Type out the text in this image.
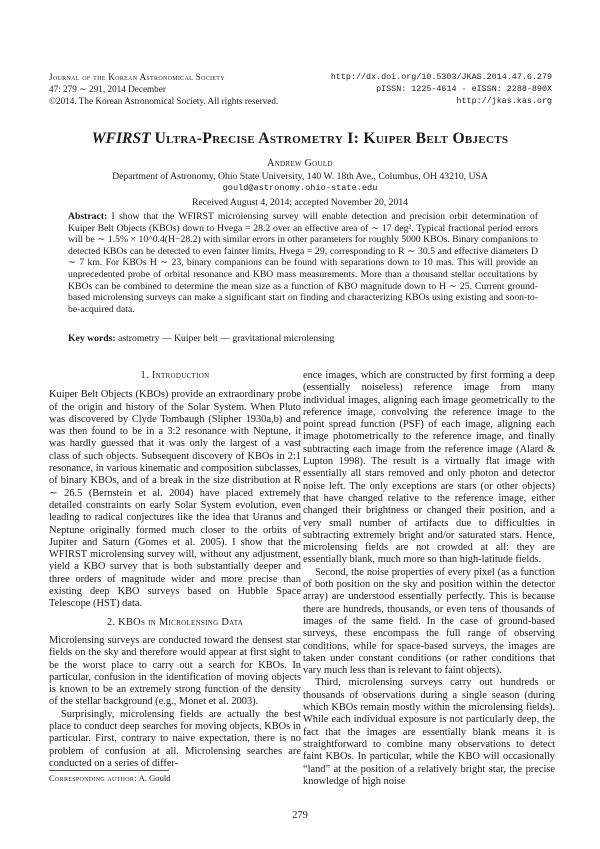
Journal of the Korean Astronomical Society
47: 279 ∼ 291, 2014 December
©2014. The Korean Astronomical Society. All rights reserved.
http://dx.doi.org/10.5303/JKAS.2014.47.6.279
pISSN: 1225-4614 · eISSN: 2288-890X
http://jkas.kas.org
WFIRST Ultra-Precise Astrometry I: Kuiper Belt Objects
Andrew Gould
Department of Astronomy, Ohio State University, 140 W. 18th Ave., Columbus, OH 43210, USA
gould@astronomy.ohio-state.edu
Received August 4, 2014; accepted November 20, 2014
Abstract: I show that the WFIRST microlensing survey will enable detection and precision orbit determination of Kuiper Belt Objects (KBOs) down to Hvega = 28.2 over an effective area of ∼ 17 deg². Typical fractional period errors will be ∼ 1.5% × 10^0.4(H−28.2) with similar errors in other parameters for roughly 5000 KBOs. Binary companions to detected KBOs can be detected to even fainter limits, Hvega = 29, corresponding to R ∼ 30.5 and effective diameters D ∼ 7 km. For KBOs H ∼ 23, binary companions can be found with separations down to 10 mas. This will provide an unprecedented probe of orbital resonance and KBO mass measurements. More than a thousand stellar occultations by KBOs can be combined to determine the mean size as a function of KBO magnitude down to H ∼ 25. Current ground-based microlensing surveys can make a significant start on finding and characterizing KBOs using existing and soon-to-be-acquired data.
Key words: astrometry — Kuiper belt — gravitational microlensing
1. Introduction

Kuiper Belt Objects (KBOs) provide an extraordinary probe of the origin and history of the Solar System. When Pluto was discovered by Clyde Tombaugh (Slipher 1930a,b) and was then found to be in a 3:2 resonance with Neptune, it was hardly guessed that it was only the largest of a vast class of such objects. Subsequent discovery of KBOs in 2:1 resonance, in various kinematic and composition subclasses, of binary KBOs, and of a break in the size distribution at R ∼ 26.5 (Bernstein et al. 2004) have placed extremely detailed constraints on early Solar System evolution, even leading to radical conjectures like the idea that Uranus and Neptune originally formed much closer to the orbits of Jupiter and Saturn (Gomes et al. 2005). I show that the WFIRST microlensing survey will, without any adjustment, yield a KBO survey that is both substantially deeper and three orders of magnitude wider and more precise than existing deep KBO surveys based on Hubble Space Telescope (HST) data.

2. KBOs in Microlensing Data

Microlensing surveys are conducted toward the densest star fields on the sky and therefore would appear at first sight to be the worst place to carry out a search for KBOs. In particular, confusion in the identification of moving objects is known to be an extremely strong function of the density of the stellar background (e.g., Monet et al. 2003).

Surprisingly, microlensing fields are actually the best place to conduct deep searches for moving objects, KBOs in particular. First, contrary to naive expectation, there is no problem of confusion at all. Microlensing searches are conducted on a series of differ-

ence images, which are constructed by first forming a deep (essentially noiseless) reference image from many individual images, aligning each image geometrically to the reference image, convolving the reference image to the point spread function (PSF) of each image, aligning each image photometrically to the reference image, and finally subtracting each image from the reference image (Alard & Lupton 1998). The result is a virtually flat image with essentially all stars removed and only photon and detector noise left. The only exceptions are stars (or other objects) that have changed relative to the reference image, either changed their brightness or changed their position, and a very small number of artifacts due to difficulties in subtracting extremely bright and/or saturated stars. Hence, microlensing fields are not crowded at all: they are essentially blank, much more so than high-latitude fields.

Second, the noise properties of every pixel (as a function of both position on the sky and position within the detector array) are understood essentially perfectly. This is because there are hundreds, thousands, or even tens of thousands of images of the same field. In the case of ground-based surveys, these encompass the full range of observing conditions, while for space-based surveys, the images are taken under constant conditions (or rather conditions that vary much less than is relevant to faint objects).

Third, microlensing surveys carry out hundreds or thousands of observations during a single season (during which KBOs remain mostly within the microlensing fields). While each individual exposure is not particularly deep, the fact that the images are essentially blank means it is straightforward to combine many observations to detect faint KBOs. In particular, while the KBO will occasionally “land” at the position of a relatively bright star, the precise knowledge of high noise

Corresponding author: A. Gould
279
